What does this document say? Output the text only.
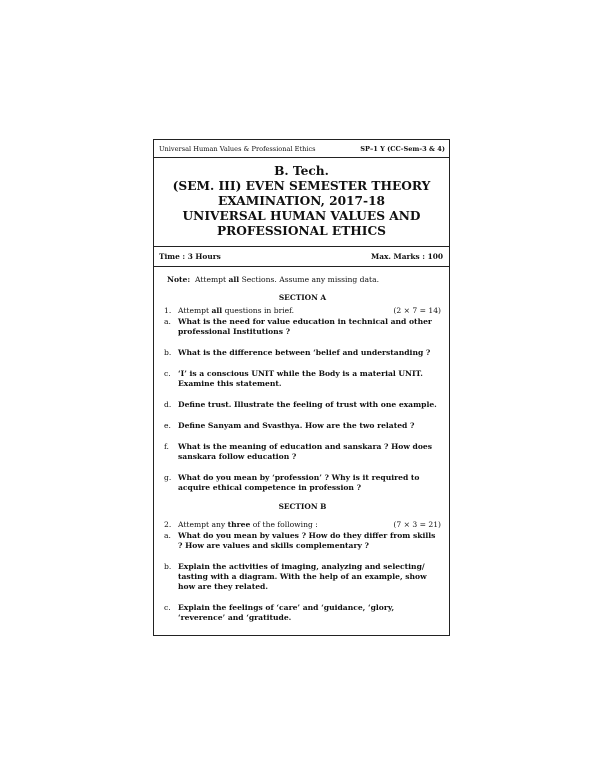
Universal Human Values & Professional Ethics	SP–1 Y (CC-Sem-3 & 4)
B. Tech.
(SEM. III) EVEN SEMESTER THEORY
EXAMINATION, 2017-18
UNIVERSAL HUMAN VALUES AND
PROFESSIONAL ETHICS
Time : 3 Hours	Max. Marks : 100
Note: Attempt all Sections. Assume any missing data.
SECTION A
1. Attempt all questions in brief.	(2 × 7 = 14)
a. What is the need for value education in technical and other professional Institutions ?
b. What is the difference between ‘belief and understanding ?
c. ‘I’ is a conscious UNIT while the Body is a material UNIT. Examine this statement.
d. Define trust. Illustrate the feeling of trust with one example.
e. Define Sanyam and Svasthya. How are the two related ?
f.	What is the meaning of education and sanskara ? How does sanskara follow education ?
g. What do you mean by ‘profession’ ? Why is it required to acquire ethical competence in profession ?
SECTION B
2. Attempt any three of the following :	(7 × 3 = 21)
a. What do you mean by values ? How do they differ from skills ? How are values and skills complementary ?
b. Explain the activities of imaging, analyzing and selecting/ tasting with a diagram. With the help of an example, show how are they related.
c. Explain the feelings of ‘care’ and ‘guidance, ‘glory, ‘reverence’ and ‘gratitude.
